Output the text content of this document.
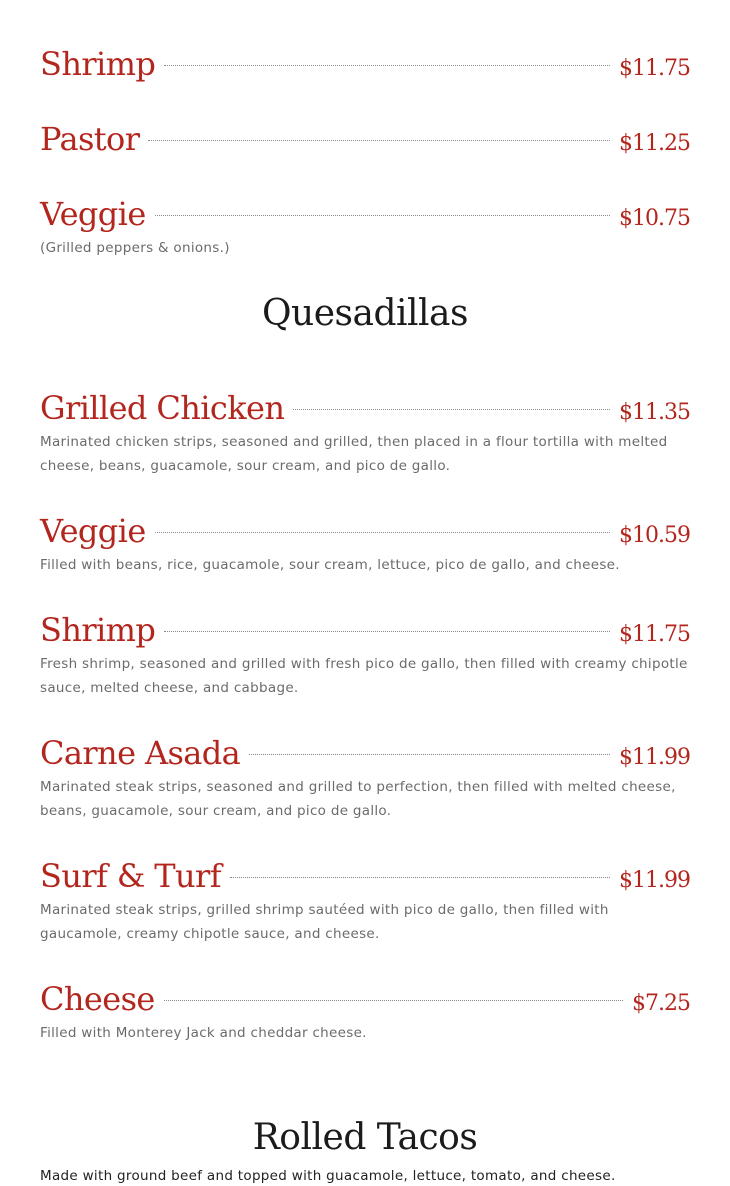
Shrimp	$11.75
Pastor	$11.25
Veggie	$10.75
(Grilled peppers & onions.)
Quesadillas
Grilled Chicken	$11.35
Marinated chicken strips, seasoned and grilled, then placed in a flour tortilla with melted cheese, beans, guacamole, sour cream, and pico de gallo.
Veggie	$10.59
Filled with beans, rice, guacamole, sour cream, lettuce, pico de gallo, and cheese.
Shrimp	$11.75
Fresh shrimp, seasoned and grilled with fresh pico de gallo, then filled with creamy chipotle sauce, melted cheese, and cabbage.
Carne Asada	$11.99
Marinated steak strips, seasoned and grilled to perfection, then filled with melted cheese, beans, guacamole, sour cream, and pico de gallo.
Surf & Turf	$11.99
Marinated steak strips, grilled shrimp sautéed with pico de gallo, then filled with gaucamole, creamy chipotle sauce, and cheese.
Cheese	$7.25
Filled with Monterey Jack and cheddar cheese.
Rolled Tacos
Made with ground beef and topped with guacamole, lettuce, tomato, and cheese.
